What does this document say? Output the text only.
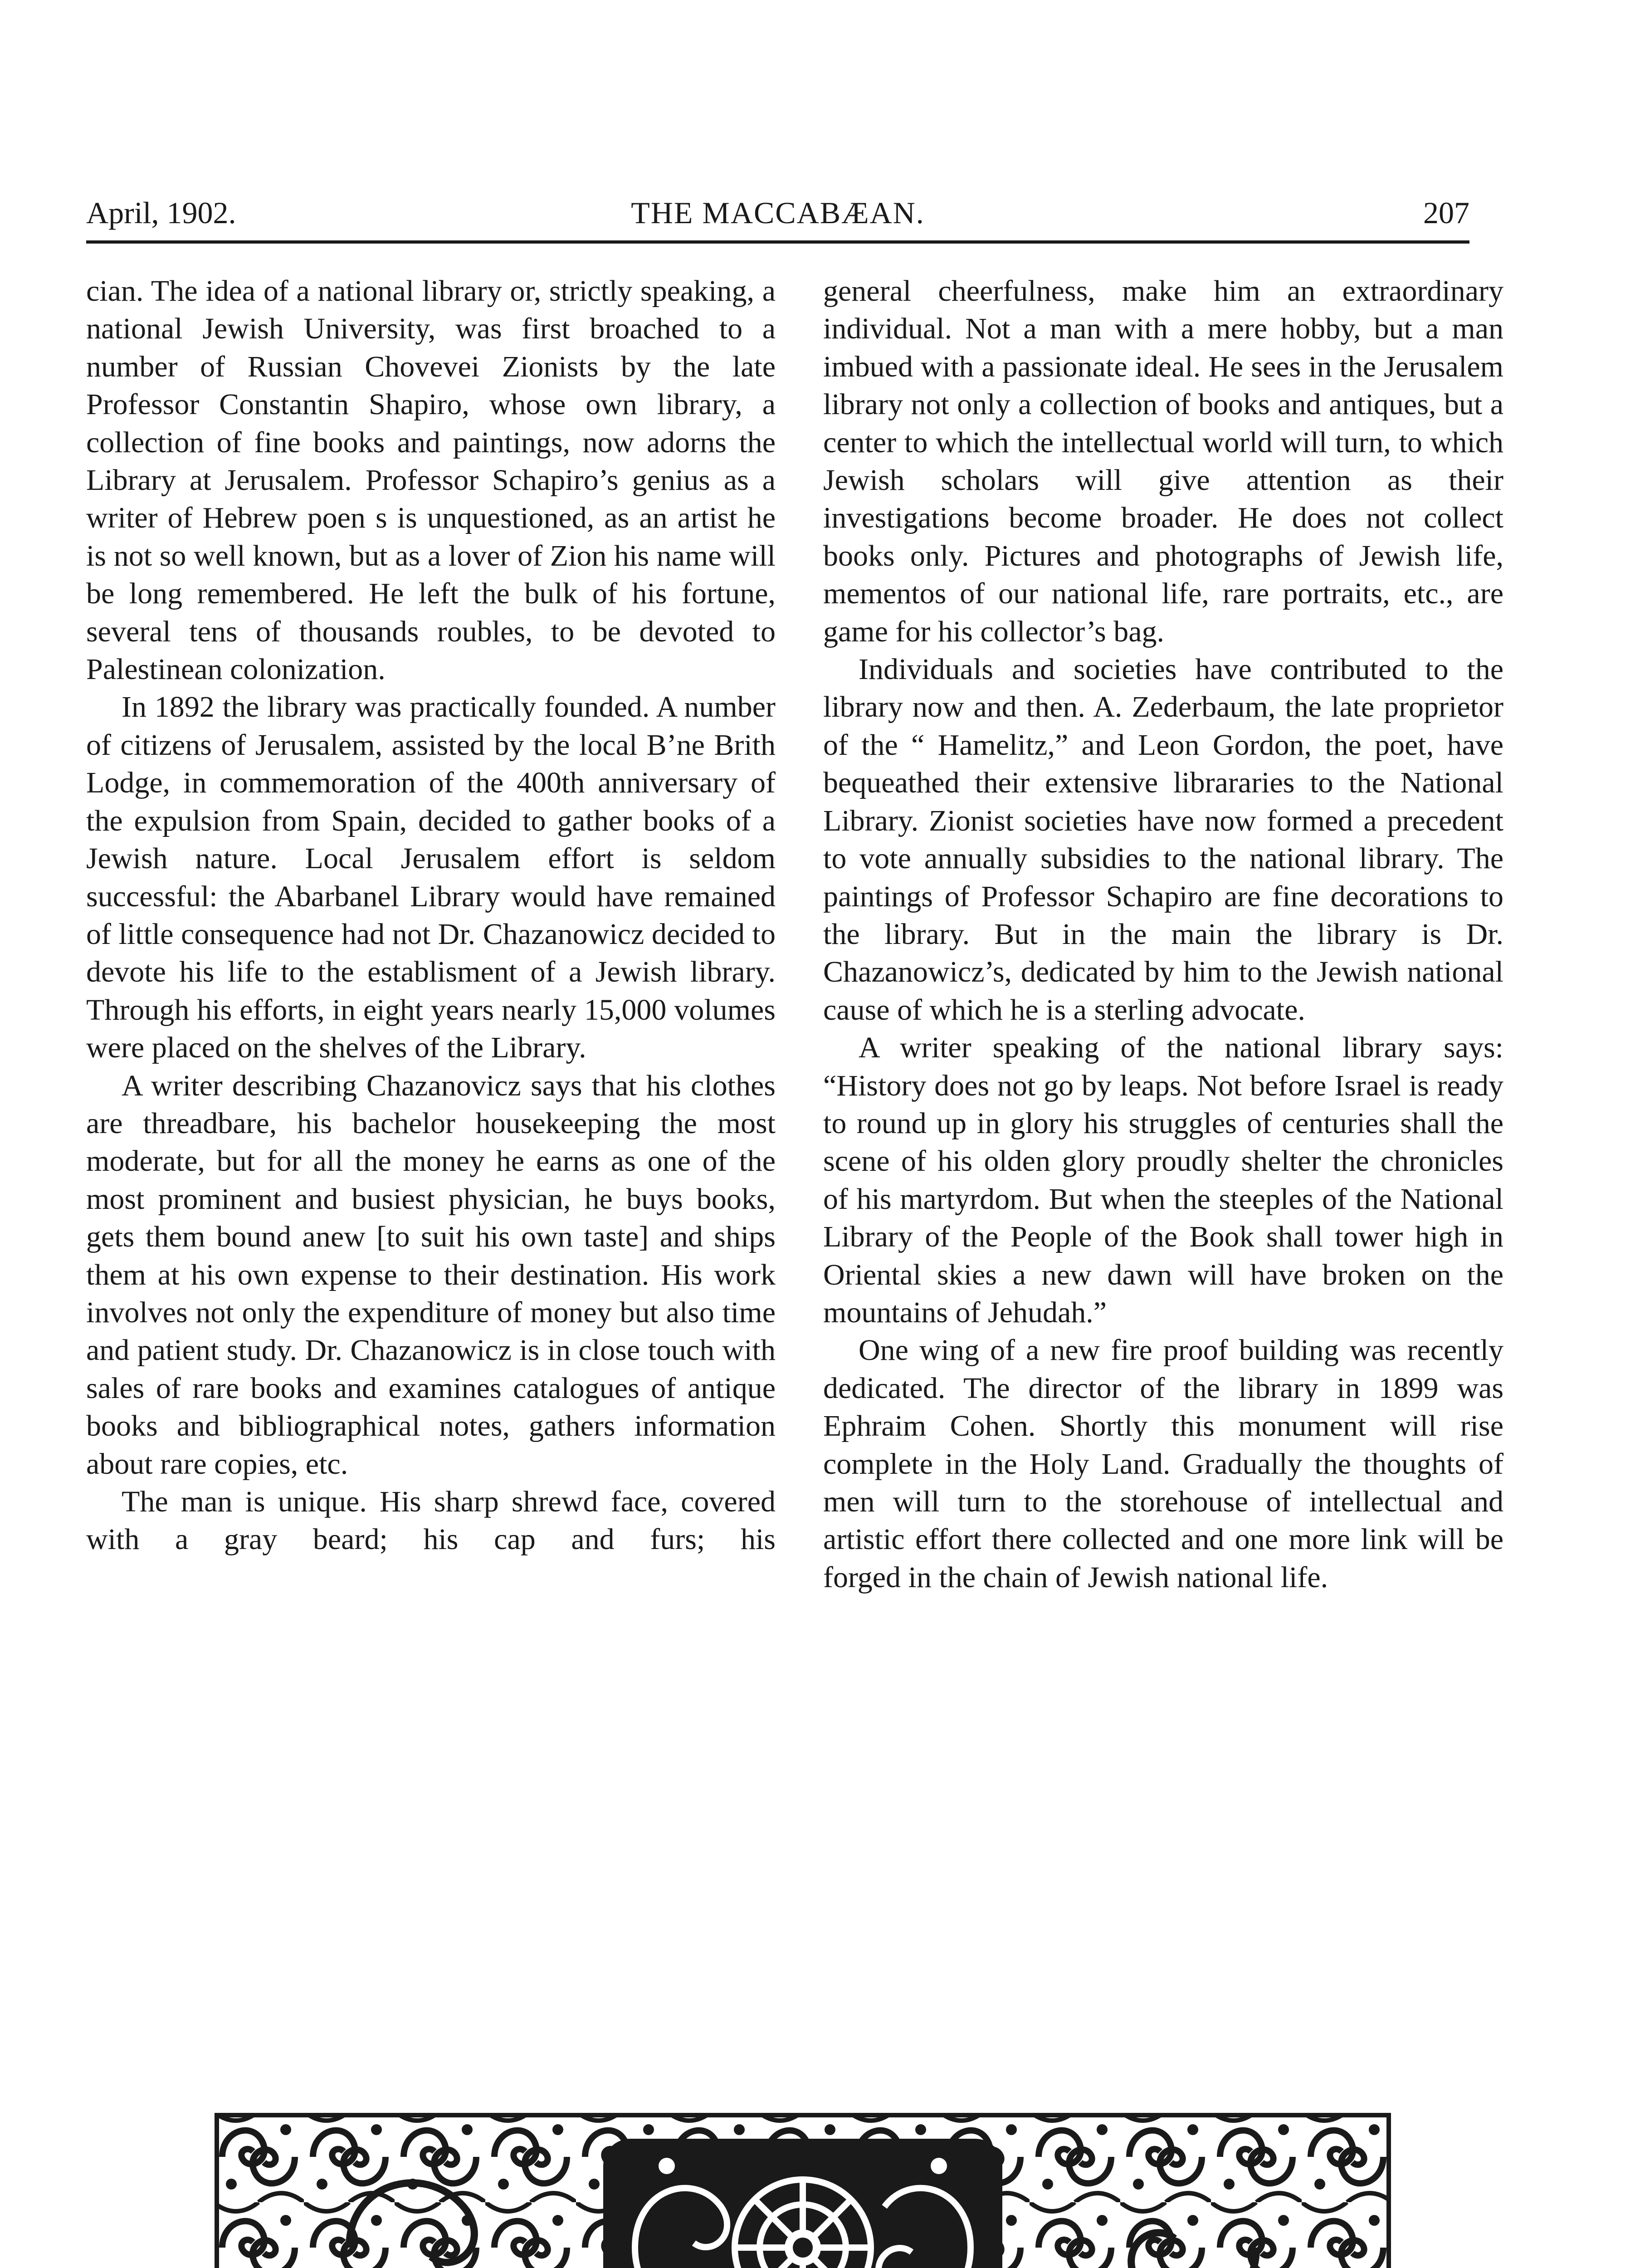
April, 1902.	THE MACCABÆAN.	207

cian. The idea of a national library or, strictly speaking, a national Jewish University, was first broached to a number of Russian Chovevei Zionists by the late Professor Constantin Shapiro, whose own library, a collection of fine books and paintings, now adorns the Library at Jerusalem. Professor Schapiro’s genius as a writer of Hebrew poen s is unquestioned, as an artist he is not so well known, but as a lover of Zion his name will be long remembered. He left the bulk of his fortune, several tens of thousands roubles, to be devoted to Palestinean colonization.

In 1892 the library was practically founded. A number of citizens of Jerusalem, assisted by the local B’ne Brith Lodge, in commemoration of the 400th anniversary of the expulsion from Spain, decided to gather books of a Jewish nature. Local Jerusalem effort is seldom successful: the Abarbanel Library would have remained of little consequence had not Dr. Chazanowicz decided to devote his life to the establisment of a Jewish library. Through his efforts, in eight years nearly 15,000 volumes were placed on the shelves of the Library.

A writer describing Chazanovicz says that his clothes are threadbare, his bachelor housekeeping the most moderate, but for all the money he earns as one of the most prominent and busiest physician, he buys books, gets them bound anew [to suit his own taste] and ships them at his own expense to their destination. His work involves not only the expenditure of money but also time and patient study. Dr. Chazanowicz is in close touch with sales of rare books and examines catalogues of antique books and bibliographical notes, gathers information about rare copies, etc.

The man is unique. His sharp shrewd face, covered with a gray beard; his cap and furs; his

general cheerfulness, make him an extraordinary individual. Not a man with a mere hobby, but a man imbued with a passionate ideal. He sees in the Jerusalem library not only a collection of books and antiques, but a center to which the intellectual world will turn, to which Jewish scholars will give attention as their investigations become broader. He does not collect books only. Pictures and photographs of Jewish life, mementos of our national life, rare portraits, etc., are game for his collector’s bag.

Individuals and societies have contributed to the library now and then. A. Zederbaum, the late proprietor of the “ Hamelitz,” and Leon Gordon, the poet, have bequeathed their extensive librararies to the National Library. Zionist societies have now formed a precedent to vote annually subsidies to the national library. The paintings of Professor Schapiro are fine decorations to the library. But in the main the library is Dr. Chazanowicz’s, dedicated by him to the Jewish national cause of which he is a sterling advocate.

A writer speaking of the national library says: “History does not go by leaps. Not before Israel is ready to round up in glory his struggles of centuries shall the scene of his olden glory proudly shelter the chronicles of his martyrdom. But when the steeples of the National Library of the People of the Book shall tower high in Oriental skies a new dawn will have broken on the mountains of Jehudah.”

One wing of a new fire proof building was recently dedicated. The director of the library in 1899 was Ephraim Cohen. Shortly this monument will rise complete in the Holy Land. Gradually the thoughts of men will turn to the storehouse of intellectual and artistic effort there collected and one more link will be forged in the chain of Jewish national life.
